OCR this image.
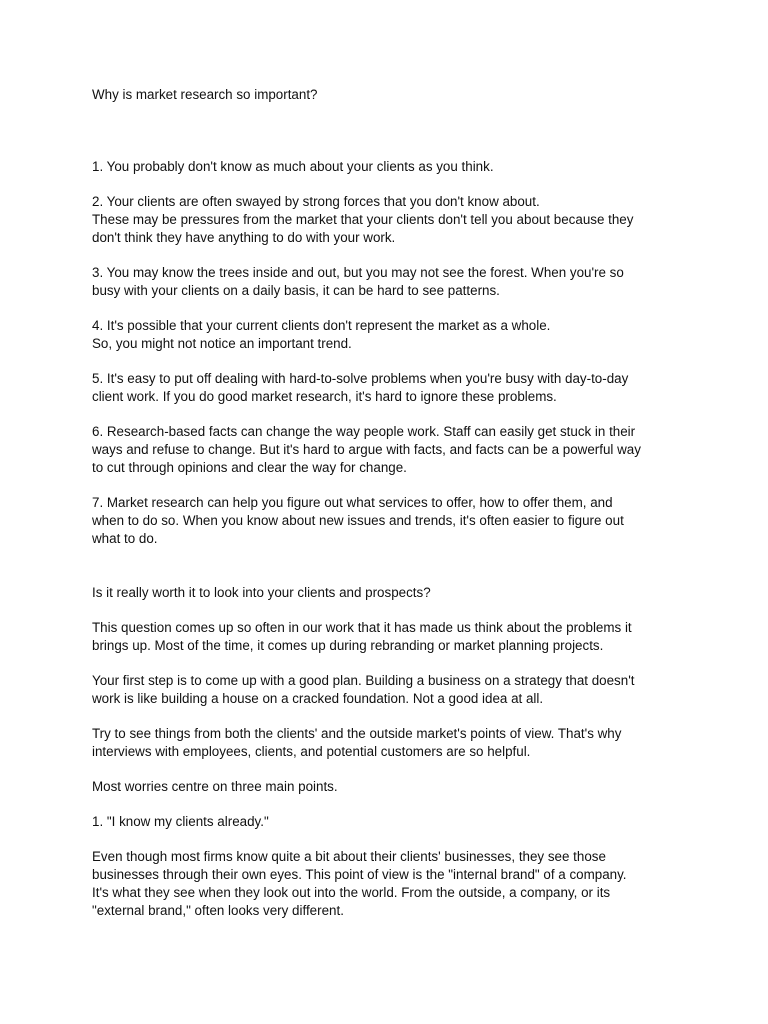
Why is market research so important?

1. You probably don't know as much about your clients as you think.

2. Your clients are often swayed by strong forces that you don't know about.

These may be pressures from the market that your clients don't tell you about because they

don't think they have anything to do with your work.

3. You may know the trees inside and out, but you may not see the forest. When you're so

busy with your clients on a daily basis, it can be hard to see patterns.

4. It's possible that your current clients don't represent the market as a whole.

So, you might not notice an important trend.

5. It's easy to put off dealing with hard-to-solve problems when you're busy with day-to-day

client work. If you do good market research, it's hard to ignore these problems.

6. Research-based facts can change the way people work. Staff can easily get stuck in their

ways and refuse to change. But it's hard to argue with facts, and facts can be a powerful way

to cut through opinions and clear the way for change.

7. Market research can help you figure out what services to offer, how to offer them, and

when to do so. When you know about new issues and trends, it's often easier to figure out

what to do.

Is it really worth it to look into your clients and prospects?

This question comes up so often in our work that it has made us think about the problems it

brings up. Most of the time, it comes up during rebranding or market planning projects.

Your first step is to come up with a good plan. Building a business on a strategy that doesn't

work is like building a house on a cracked foundation. Not a good idea at all.

Try to see things from both the clients' and the outside market's points of view. That's why

interviews with employees, clients, and potential customers are so helpful.

Most worries centre on three main points.

1. "I know my clients already."

Even though most firms know quite a bit about their clients' businesses, they see those

businesses through their own eyes. This point of view is the "internal brand" of a company.

It's what they see when they look out into the world. From the outside, a company, or its

"external brand," often looks very different.
